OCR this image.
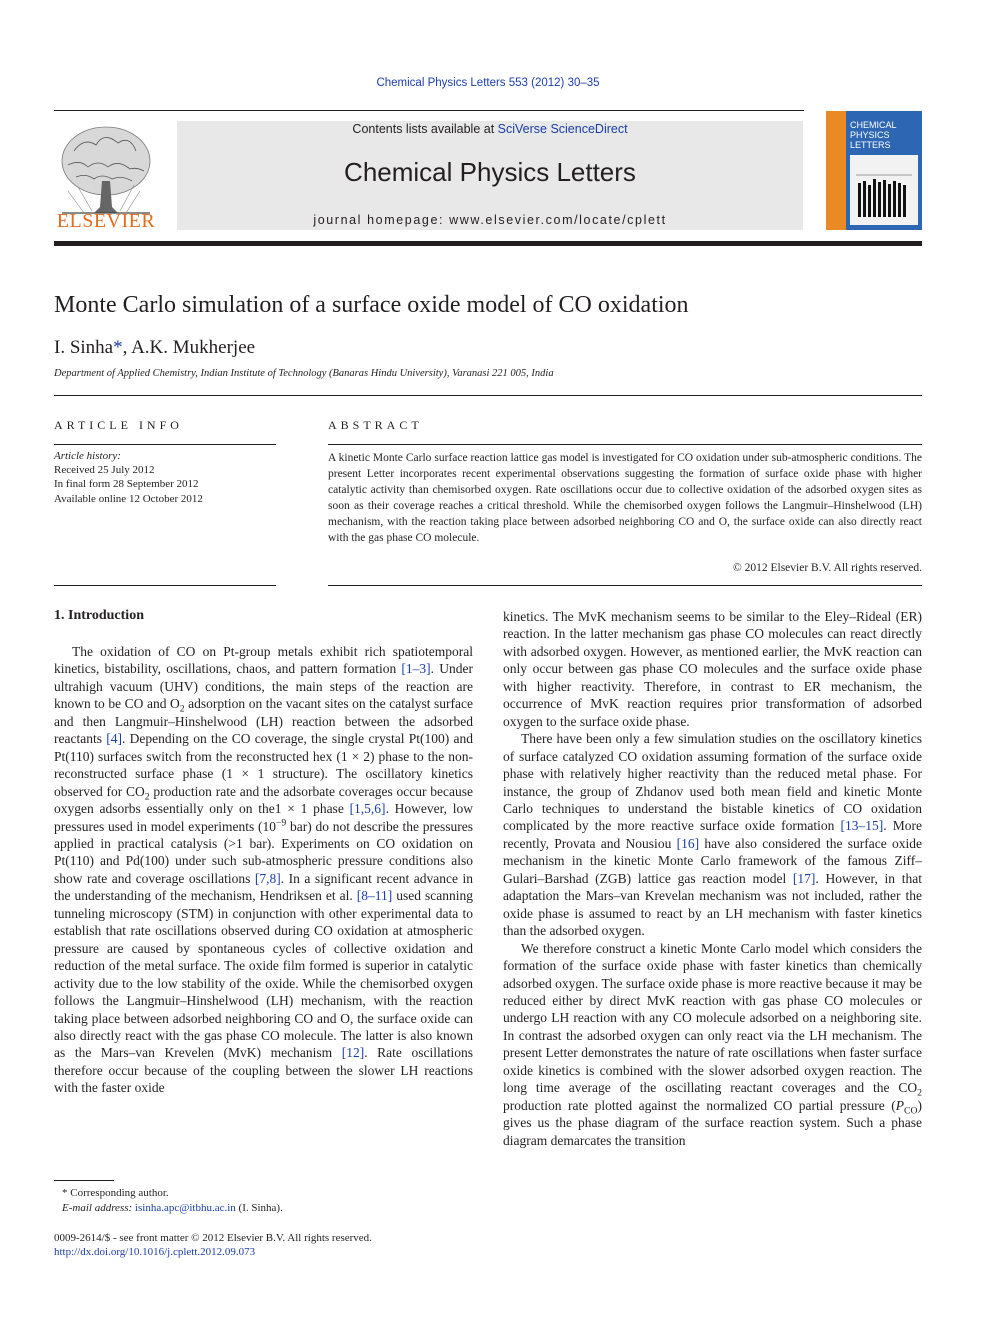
Chemical Physics Letters 553 (2012) 30–35
ELSEVIER
Contents lists available at SciVerse ScienceDirect
Chemical Physics Letters
journal homepage: www.elsevier.com/locate/cplett
CHEMICAL
PHYSICS
LETTERS
Monte Carlo simulation of a surface oxide model of CO oxidation
I. Sinha*, A.K. Mukherjee
Department of Applied Chemistry, Indian Institute of Technology (Banaras Hindu University), Varanasi 221 005, India
ARTICLE INFO	ABSTRACT
Article history:
Received 25 July 2012
In final form 28 September 2012
Available online 12 October 2012

A kinetic Monte Carlo surface reaction lattice gas model is investigated for CO oxidation under sub-atmospheric conditions. The present Letter incorporates recent experimental observations suggesting the formation of surface oxide phase with higher catalytic activity than chemisorbed oxygen. Rate oscillations occur due to collective oxidation of the adsorbed oxygen sites as soon as their coverage reaches a critical threshold. While the chemisorbed oxygen follows the Langmuir–Hinshelwood (LH) mechanism, with the reaction taking place between adsorbed neighboring CO and O, the surface oxide can also directly react with the gas phase CO molecule.

© 2012 Elsevier B.V. All rights reserved.
1. Introduction

The oxidation of CO on Pt-group metals exhibit rich spatiotemporal kinetics, bistability, oscillations, chaos, and pattern formation [1–3]. Under ultrahigh vacuum (UHV) conditions, the main steps of the reaction are known to be CO and $O_2$ adsorption on the vacant sites on the catalyst surface and then Langmuir–Hinshelwood (LH) reaction between the adsorbed reactants [4]. Depending on the CO coverage, the single crystal Pt(100) and Pt(110) surfaces switch from the reconstructed hex (1 × 2) phase to the non-reconstructed surface phase (1 × 1 structure). The oscillatory kinetics observed for $CO_2$ production rate and the adsorbate coverages occur because oxygen adsorbs essentially only on the1 × 1 phase [1,5,6]. However, low pressures used in model experiments ($10^{-9}$ bar) do not describe the pressures applied in practical catalysis (>1 bar). Experiments on CO oxidation on Pt(110) and Pd(100) under such sub-atmospheric pressure conditions also show rate and coverage oscillations [7,8]. In a significant recent advance in the understanding of the mechanism, Hendriksen et al. [8–11] used scanning tunneling microscopy (STM) in conjunction with other experimental data to establish that rate oscillations observed during CO oxidation at atmospheric pressure are caused by spontaneous cycles of collective oxidation and reduction of the metal surface. The oxide film formed is superior in catalytic activity due to the low stability of the oxide. While the chemisorbed oxygen follows the Langmuir–Hinshelwood (LH) mechanism, with the reaction taking place between adsorbed neighboring CO and O, the surface oxide can also directly react with the gas phase CO molecule. The latter is also known as the Mars–van Krevelen (MvK) mechanism [12]. Rate oscillations therefore occur because of the coupling between the slower LH reactions with the faster oxide

kinetics. The MvK mechanism seems to be similar to the Eley–Rideal (ER) reaction. In the latter mechanism gas phase CO molecules can react directly with adsorbed oxygen. However, as mentioned earlier, the MvK reaction can only occur between gas phase CO molecules and the surface oxide phase with higher reactivity. Therefore, in contrast to ER mechanism, the occurrence of MvK reaction requires prior transformation of adsorbed oxygen to the surface oxide phase.

There have been only a few simulation studies on the oscillatory kinetics of surface catalyzed CO oxidation assuming formation of the surface oxide phase with relatively higher reactivity than the reduced metal phase. For instance, the group of Zhdanov used both mean field and kinetic Monte Carlo techniques to understand the bistable kinetics of CO oxidation complicated by the more reactive surface oxide formation [13–15]. More recently, Provata and Nousiou [16] have also considered the surface oxide mechanism in the kinetic Monte Carlo framework of the famous Ziff–Gulari–Barshad (ZGB) lattice gas reaction model [17]. However, in that adaptation the Mars–van Krevelan mechanism was not included, rather the oxide phase is assumed to react by an LH mechanism with faster kinetics than the adsorbed oxygen.

We therefore construct a kinetic Monte Carlo model which considers the formation of the surface oxide phase with faster kinetics than chemically adsorbed oxygen. The surface oxide phase is more reactive because it may be reduced either by direct MvK reaction with gas phase CO molecules or undergo LH reaction with any CO molecule adsorbed on a neighboring site. In contrast the adsorbed oxygen can only react via the LH mechanism. The present Letter demonstrates the nature of rate oscillations when faster surface oxide kinetics is combined with the slower adsorbed oxygen reaction. The long time average of the oscillating reactant coverages and the $CO_2$ production rate plotted against the normalized CO partial pressure $(P_{CO})$ gives us the phase diagram of the surface reaction system. Such a phase diagram demarcates the transition

* Corresponding author.
E-mail address: isinha.apc@itbhu.ac.in (I. Sinha).
0009-2614/$ - see front matter © 2012 Elsevier B.V. All rights reserved.
http://dx.doi.org/10.1016/j.cplett.2012.09.073
